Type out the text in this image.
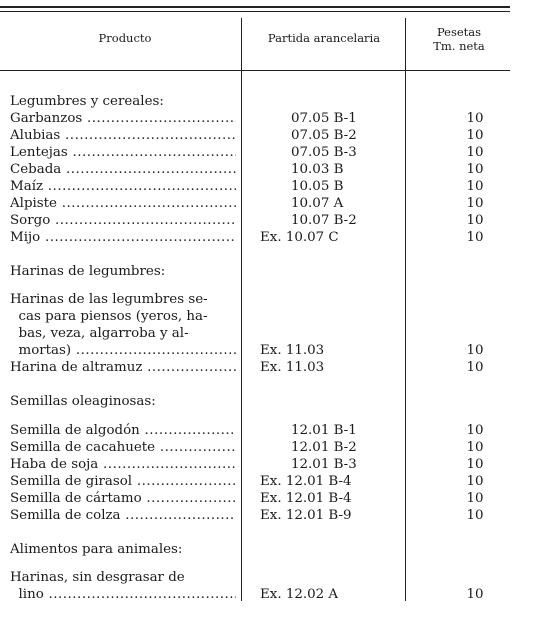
Producto	Partida arancelaria	Pesetas
Tm. neta
Legumbres y cereales:
Garbanzos .....	07.05 B-1	10
Alubias .....	07.05 B-2	10
Lentejas .....	07.05 B-3	10
Cebada .....	10.03 B	10
Maíz .....	10.05 B	10
Alpiste .....	10.07 A	10
Sorgo .....	10.07 B-2	10
Mijo .....	Ex. 10.07 C	10
Harinas de legumbres:
Harinas de las legumbres se-
cas para piensos (yeros, ha-
bas, veza, algarroba y al-
mortas) .....	Ex. 11.03	10
Harina de altramuz .....	Ex. 11.03	10
Semillas oleaginosas:
Semilla de algodón .....	12.01 B-1	10
Semilla de cacahuete .....	12.01 B-2	10
Haba de soja .....	12.01 B-3	10
Semilla de girasol .....	Ex. 12.01 B-4	10
Semilla de cártamo .....	Ex. 12.01 B-4	10
Semilla de colza .....	Ex. 12.01 B-9	10
Alimentos para animales:
Harinas, sin desgrasar de
lino .....	Ex. 12.02 A	10
